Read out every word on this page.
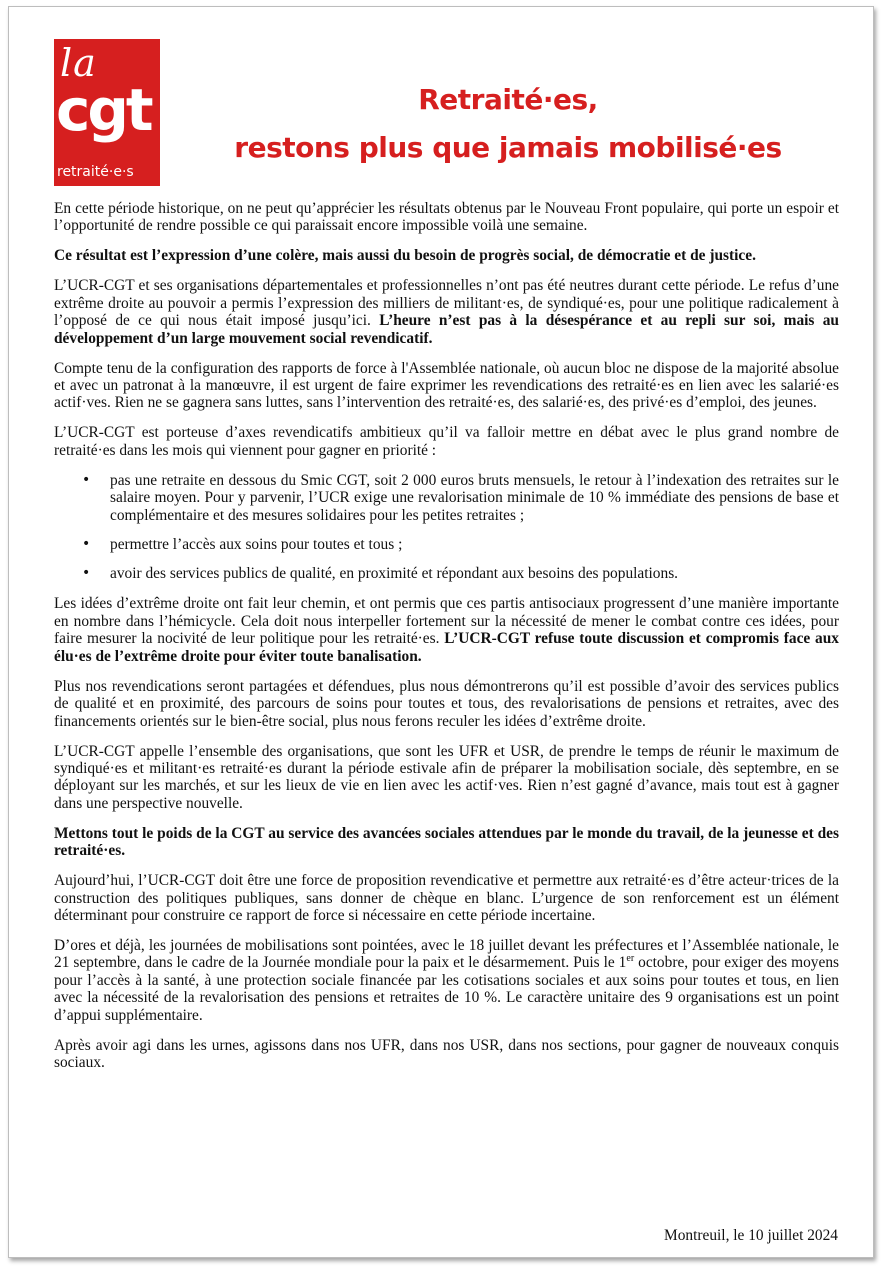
la
cgt
retraité·e·s
Retraité·es,
restons plus que jamais mobilisé·es

En cette période historique, on ne peut qu’apprécier les résultats obtenus par le Nouveau Front populaire, qui porte un espoir et l’opportunité de rendre possible ce qui paraissait encore impossible voilà une semaine.

Ce résultat est l’expression d’une colère, mais aussi du besoin de progrès social, de démocratie et de justice.

L’UCR-CGT et ses organisations départementales et professionnelles n’ont pas été neutres durant cette période. Le refus d’une extrême droite au pouvoir a permis l’expression des milliers de militant·es, de syndiqué·es, pour une politique radicalement à l’opposé de ce qui nous était imposé jusqu’ici. L’heure n’est pas à la désespérance et au repli sur soi, mais au développement d’un large mouvement social revendicatif.

Compte tenu de la configuration des rapports de force à l'Assemblée nationale, où aucun bloc ne dispose de la majorité absolue et avec un patronat à la manœuvre, il est urgent de faire exprimer les revendications des retraité·es en lien avec les salarié·es actif·ves. Rien ne se gagnera sans luttes, sans l’intervention des retraité·es, des salarié·es, des privé·es d’emploi, des jeunes.

L’UCR-CGT est porteuse d’axes revendicatifs ambitieux qu’il va falloir mettre en débat avec le plus grand nombre de retraité·es dans les mois qui viennent pour gagner en priorité :

• pas une retraite en dessous du Smic CGT, soit 2 000 euros bruts mensuels, le retour à l’indexation des retraites sur le salaire moyen. Pour y parvenir, l’UCR exige une revalorisation minimale de 10 % immédiate des pensions de base et complémentaire et des mesures solidaires pour les petites retraites ;
• permettre l’accès aux soins pour toutes et tous ;
• avoir des services publics de qualité, en proximité et répondant aux besoins des populations.

Les idées d’extrême droite ont fait leur chemin, et ont permis que ces partis antisociaux progressent d’une manière importante en nombre dans l’hémicycle. Cela doit nous interpeller fortement sur la nécessité de mener le combat contre ces idées, pour faire mesurer la nocivité de leur politique pour les retraité·es. L’UCR-CGT refuse toute discussion et compromis face aux élu·es de l’extrême droite pour éviter toute banalisation.

Plus nos revendications seront partagées et défendues, plus nous démontrerons qu’il est possible d’avoir des services publics de qualité et en proximité, des parcours de soins pour toutes et tous, des revalorisations de pensions et retraites, avec des financements orientés sur le bien-être social, plus nous ferons reculer les idées d’extrême droite.

L’UCR-CGT appelle l’ensemble des organisations, que sont les UFR et USR, de prendre le temps de réunir le maximum de syndiqué·es et militant·es retraité·es durant la période estivale afin de préparer la mobilisation sociale, dès septembre, en se déployant sur les marchés, et sur les lieux de vie en lien avec les actif·ves. Rien n’est gagné d’avance, mais tout est à gagner dans une perspective nouvelle.

Mettons tout le poids de la CGT au service des avancées sociales attendues par le monde du travail, de la jeunesse et des retraité·es.

Aujourd’hui, l’UCR-CGT doit être une force de proposition revendicative et permettre aux retraité·es d’être acteur·trices de la construction des politiques publiques, sans donner de chèque en blanc. L’urgence de son renforcement est un élément déterminant pour construire ce rapport de force si nécessaire en cette période incertaine.

D’ores et déjà, les journées de mobilisations sont pointées, avec le 18 juillet devant les préfectures et l’Assemblée nationale, le 21 septembre, dans le cadre de la Journée mondiale pour la paix et le désarmement. Puis le 1er octobre, pour exiger des moyens pour l’accès à la santé, à une protection sociale financée par les cotisations sociales et aux soins pour toutes et tous, en lien avec la nécessité de la revalorisation des pensions et retraites de 10 %. Le caractère unitaire des 9 organisations est un point d’appui supplémentaire.

Après avoir agi dans les urnes, agissons dans nos UFR, dans nos USR, dans nos sections, pour gagner de nouveaux conquis sociaux.

Montreuil, le 10 juillet 2024
